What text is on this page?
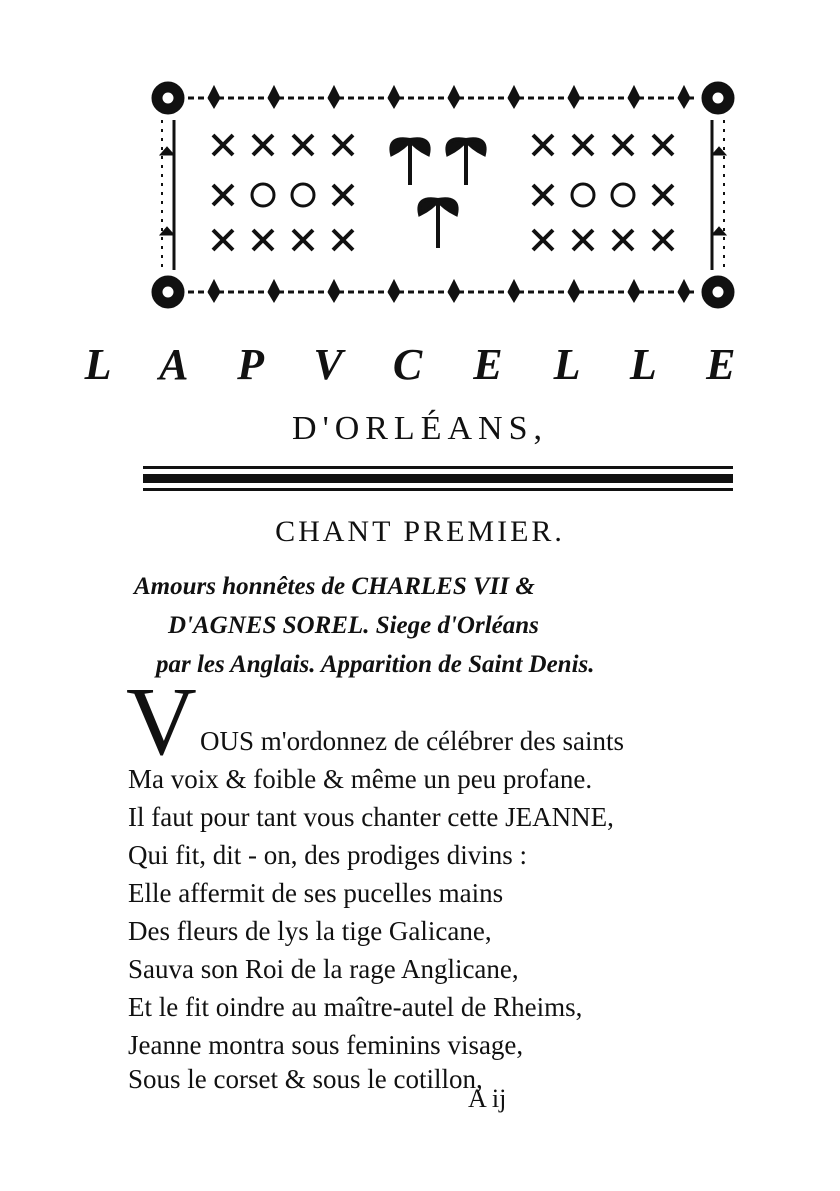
L A P V C E L L E
D'ORLÉANS,
CHANT PREMIER.
Amours honnêtes de CHARLES VII &
D'AGNES SOREL. Siege d'Orléans
par les Anglais. Apparition de Saint Denis.
V OUS m'ordonnez de célébrer des saints
Ma voix & foible & même un peu profane.
Il faut pour tant vous chanter cette JEANNE,
Qui fit, dit - on, des prodiges divins :
Elle affermit de ses pucelles mains
Des fleurs de lys la tige Galicane,
Sauva son Roi de la rage Anglicane,
Et le fit oindre au maître-autel de Rheims,
Jeanne montra sous feminins visage,
Sous le corset & sous le cotillon,
A ij
